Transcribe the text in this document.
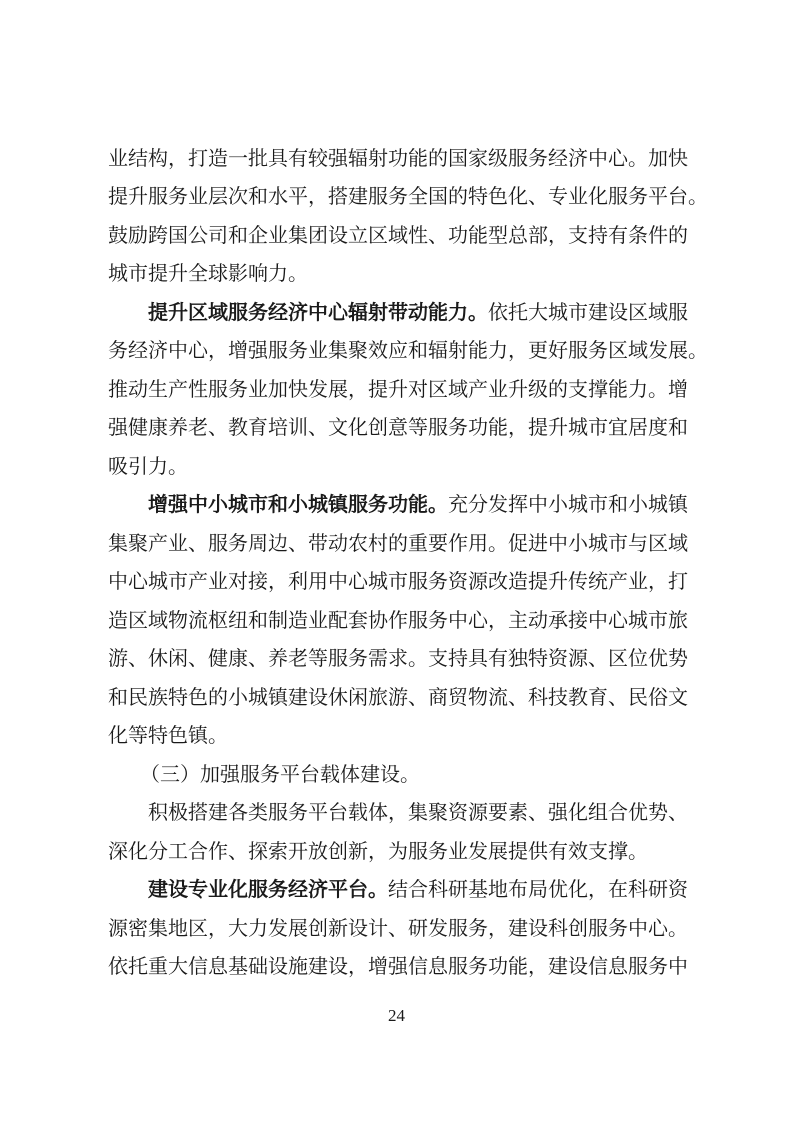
业结构，打造一批具有较强辐射功能的国家级服务经济中心。加快
提升服务业层次和水平，搭建服务全国的特色化、专业化服务平台。
鼓励跨国公司和企业集团设立区域性、功能型总部，支持有条件的
城市提升全球影响力。
提升区域服务经济中心辐射带动能力。依托大城市建设区域服
务经济中心，增强服务业集聚效应和辐射能力，更好服务区域发展。
推动生产性服务业加快发展，提升对区域产业升级的支撑能力。增
强健康养老、教育培训、文化创意等服务功能，提升城市宜居度和
吸引力。
增强中小城市和小城镇服务功能。充分发挥中小城市和小城镇
集聚产业、服务周边、带动农村的重要作用。促进中小城市与区域
中心城市产业对接，利用中心城市服务资源改造提升传统产业，打
造区域物流枢纽和制造业配套协作服务中心，主动承接中心城市旅
游、休闲、健康、养老等服务需求。支持具有独特资源、区位优势
和民族特色的小城镇建设休闲旅游、商贸物流、科技教育、民俗文
化等特色镇。
（三）加强服务平台载体建设。
积极搭建各类服务平台载体，集聚资源要素、强化组合优势、
深化分工合作、探索开放创新，为服务业发展提供有效支撑。
建设专业化服务经济平台。结合科研基地布局优化，在科研资
源密集地区，大力发展创新设计、研发服务，建设科创服务中心。
依托重大信息基础设施建设，增强信息服务功能，建设信息服务中
24
